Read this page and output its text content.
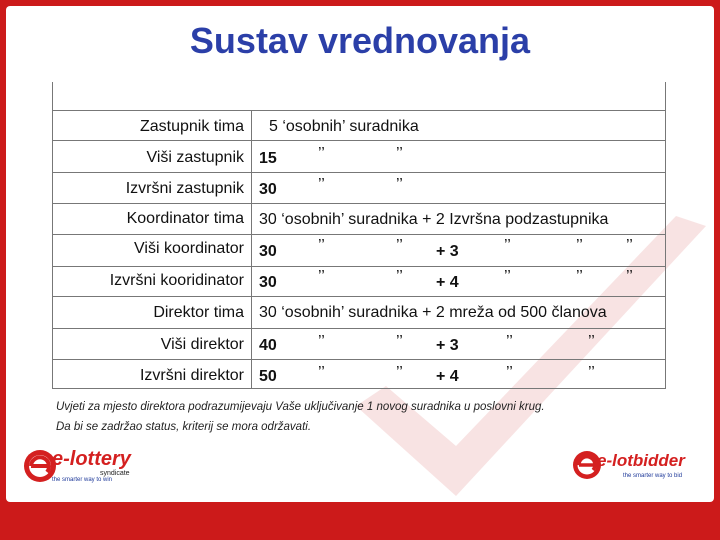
Sustav vrednovanja
Zastupnik tima 5 ‘osobnih’ suradnika
Viši zastupnik 15	’’	’’
Izvršni zastupnik 30	’’	’’
Koordinator tima 30 ‘osobnih’ suradnika + 2 Izvršna podzastupnika
Viši koordinator 30	’’	’’ + 3	’’	’’	’’
Izvršni kooridinator 30	’’	’’ + 4	’’	’’	’’
Direktor tima 30 ‘osobnih’ suradnika + 2 mreža od 500 članova
Viši direktor 40	’’	’’ + 3	’’	’’
Izvršni direktor 50	’’	’’ + 4	’’	’’
Uvjeti za mjesto direktora podrazumijevaju Vaše uključivanje 1 novog suradnika u poslovni krug.
Da bi se zadržao status, kriterij se mora održavati.
e-lottery
syndicate
the smarter way to win
e-lotbidder
the smarter way to bid
